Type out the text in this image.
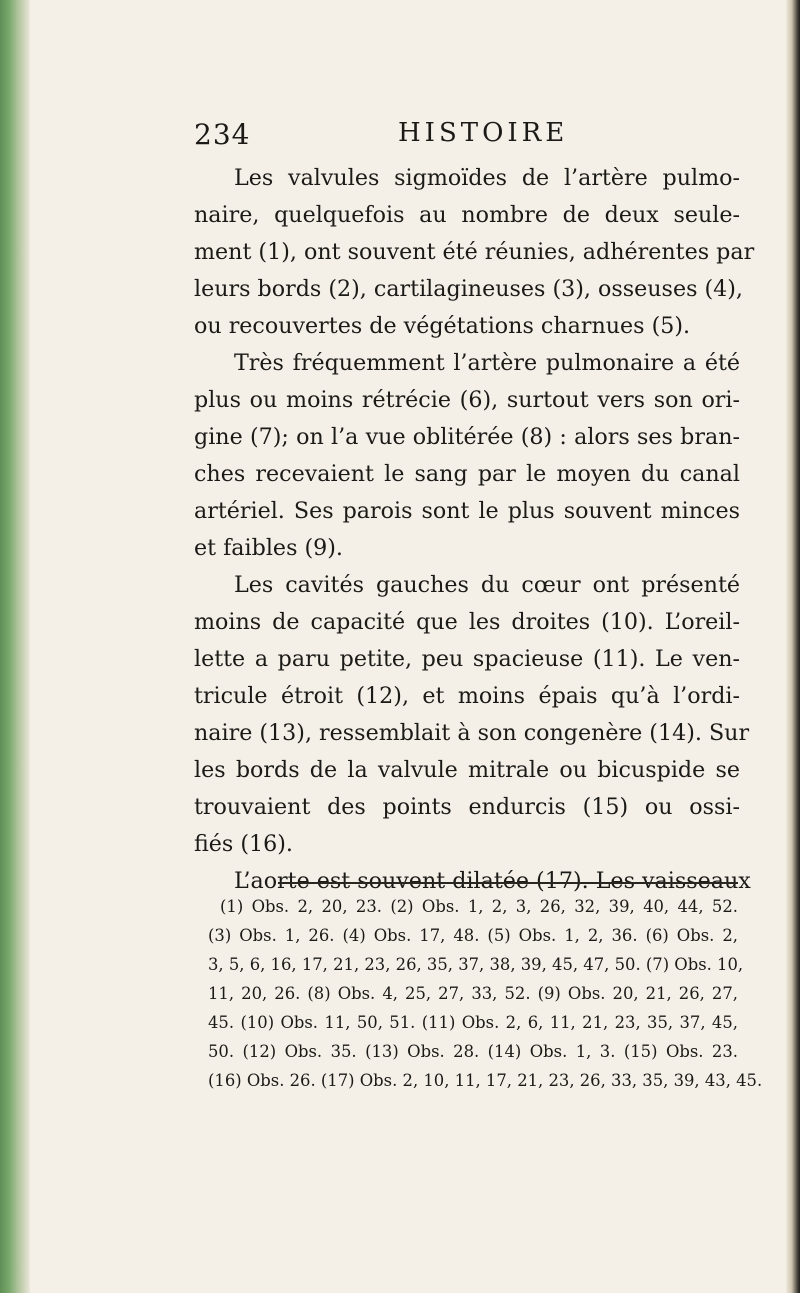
234	HISTOIRE
Les valvules sigmoïdes de l’artère pulmo-
naire, quelquefois au nombre de deux seule-
ment (1), ont souvent été réunies, adhérentes par
leurs bords (2), cartilagineuses (3), osseuses (4),
ou recouvertes de végétations charnues (5).
Très fréquemment l’artère pulmonaire a été
plus ou moins rétrécie (6), surtout vers son ori-
gine (7); on l’a vue oblitérée (8) : alors ses bran-
ches recevaient le sang par le moyen du canal
artériel. Ses parois sont le plus souvent minces
et faibles (9).
Les cavités gauches du cœur ont présenté
moins de capacité que les droites (10). L’oreil-
lette a paru petite, peu spacieuse (11). Le ven-
tricule étroit (12), et moins épais qu’à l’ordi-
naire (13), ressemblait à son congenère (14). Sur
les bords de la valvule mitrale ou bicuspide se
trouvaient des points endurcis (15) ou ossi-
fiés (16).
L’aorte est souvent dilatée (17). Les vaisseaux
(1) Obs. 2, 20, 23. (2) Obs. 1, 2, 3, 26, 32, 39, 40, 44, 52.
(3) Obs. 1, 26. (4) Obs. 17, 48. (5) Obs. 1, 2, 36. (6) Obs. 2,
3, 5, 6, 16, 17, 21, 23, 26, 35, 37, 38, 39, 45, 47, 50. (7) Obs. 10,
11, 20, 26. (8) Obs. 4, 25, 27, 33, 52. (9) Obs. 20, 21, 26, 27,
45. (10) Obs. 11, 50, 51. (11) Obs. 2, 6, 11, 21, 23, 35, 37, 45,
50. (12) Obs. 35. (13) Obs. 28. (14) Obs. 1, 3. (15) Obs. 23.
(16) Obs. 26. (17) Obs. 2, 10, 11, 17, 21, 23, 26, 33, 35, 39, 43, 45.
